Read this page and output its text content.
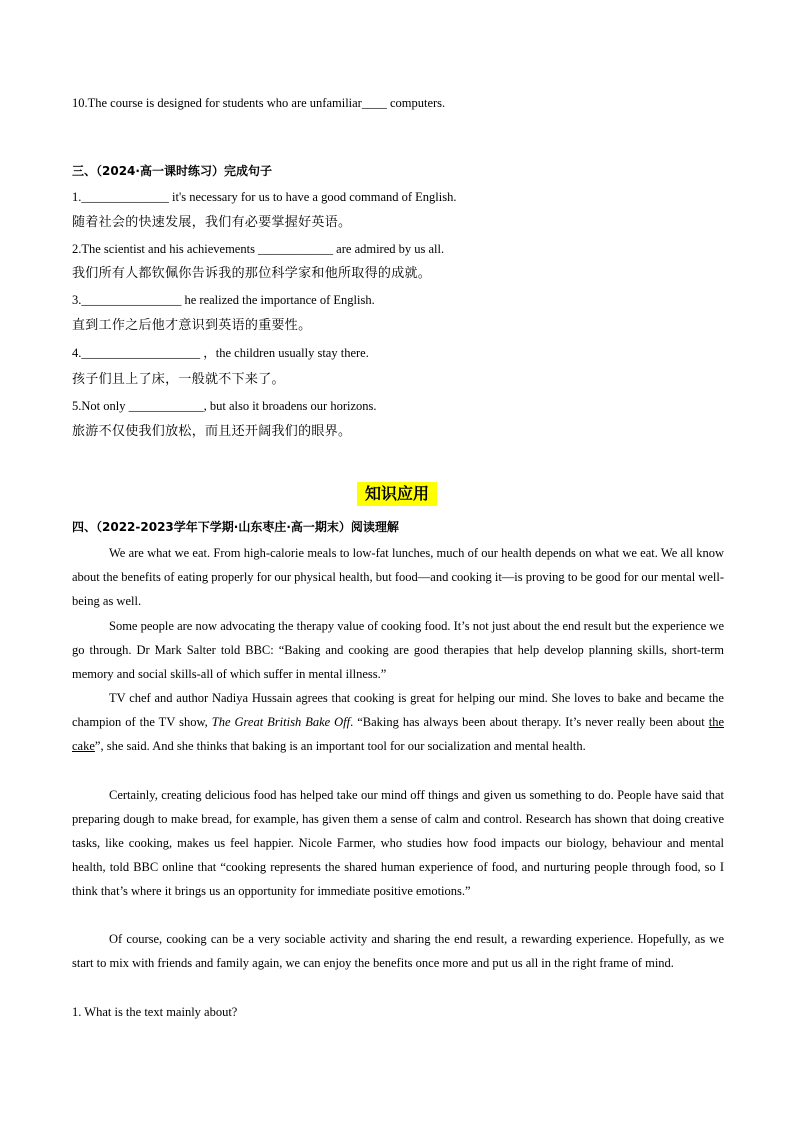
10.The course is designed for students who are unfamiliar____ computers.
三、（2024·高一课时练习）完成句子
1.______________ it's necessary for us to have a good command of English.
随着社会的快速发展，我们有必要掌握好英语。
2.The scientist and his achievements ____________ are admired by us all.
我们所有人都钦佩你告诉我的那位科学家和他所取得的成就。
3.________________ he realized the importance of English.
直到工作之后他才意识到英语的重要性。
4.___________________ ，the children usually stay there.
孩子们且上了床，一般就不下来了。
5.Not only ____________, but also it broadens our horizons.
旅游不仅使我们放松，而且还开阔我们的眼界。
知识应用
四、（2022-2023学年下学期·山东枣庄·高一期末）阅读理解
We are what we eat. From high-calorie meals to low-fat lunches, much of our health depends on what we eat. We all know about the benefits of eating properly for our physical health, but food—and cooking it—is proving to be good for our mental well-being as well.
Some people are now advocating the therapy value of cooking food. It’s not just about the end result but the experience we go through. Dr Mark Salter told BBC: “Baking and cooking are good therapies that help develop planning skills, short-term memory and social skills-all of which suffer in mental illness.”
TV chef and author Nadiya Hussain agrees that cooking is great for helping our mind. She loves to bake and became the champion of the TV show, The Great British Bake Off. “Baking has always been about therapy. It’s never really been about the cake”, she said. And she thinks that baking is an important tool for our socialization and mental health.
Certainly, creating delicious food has helped take our mind off things and given us something to do. People have said that preparing dough to make bread, for example, has given them a sense of calm and control. Research has shown that doing creative tasks, like cooking, makes us feel happier. Nicole Farmer, who studies how food impacts our biology, behaviour and mental health, told BBC online that “cooking represents the shared human experience of food, and nurturing people through food, so I think that’s where it brings us an opportunity for immediate positive emotions.”
Of course, cooking can be a very sociable activity and sharing the end result, a rewarding experience. Hopefully, as we start to mix with friends and family again, we can enjoy the benefits once more and put us all in the right frame of mind.
1. What is the text mainly about?
